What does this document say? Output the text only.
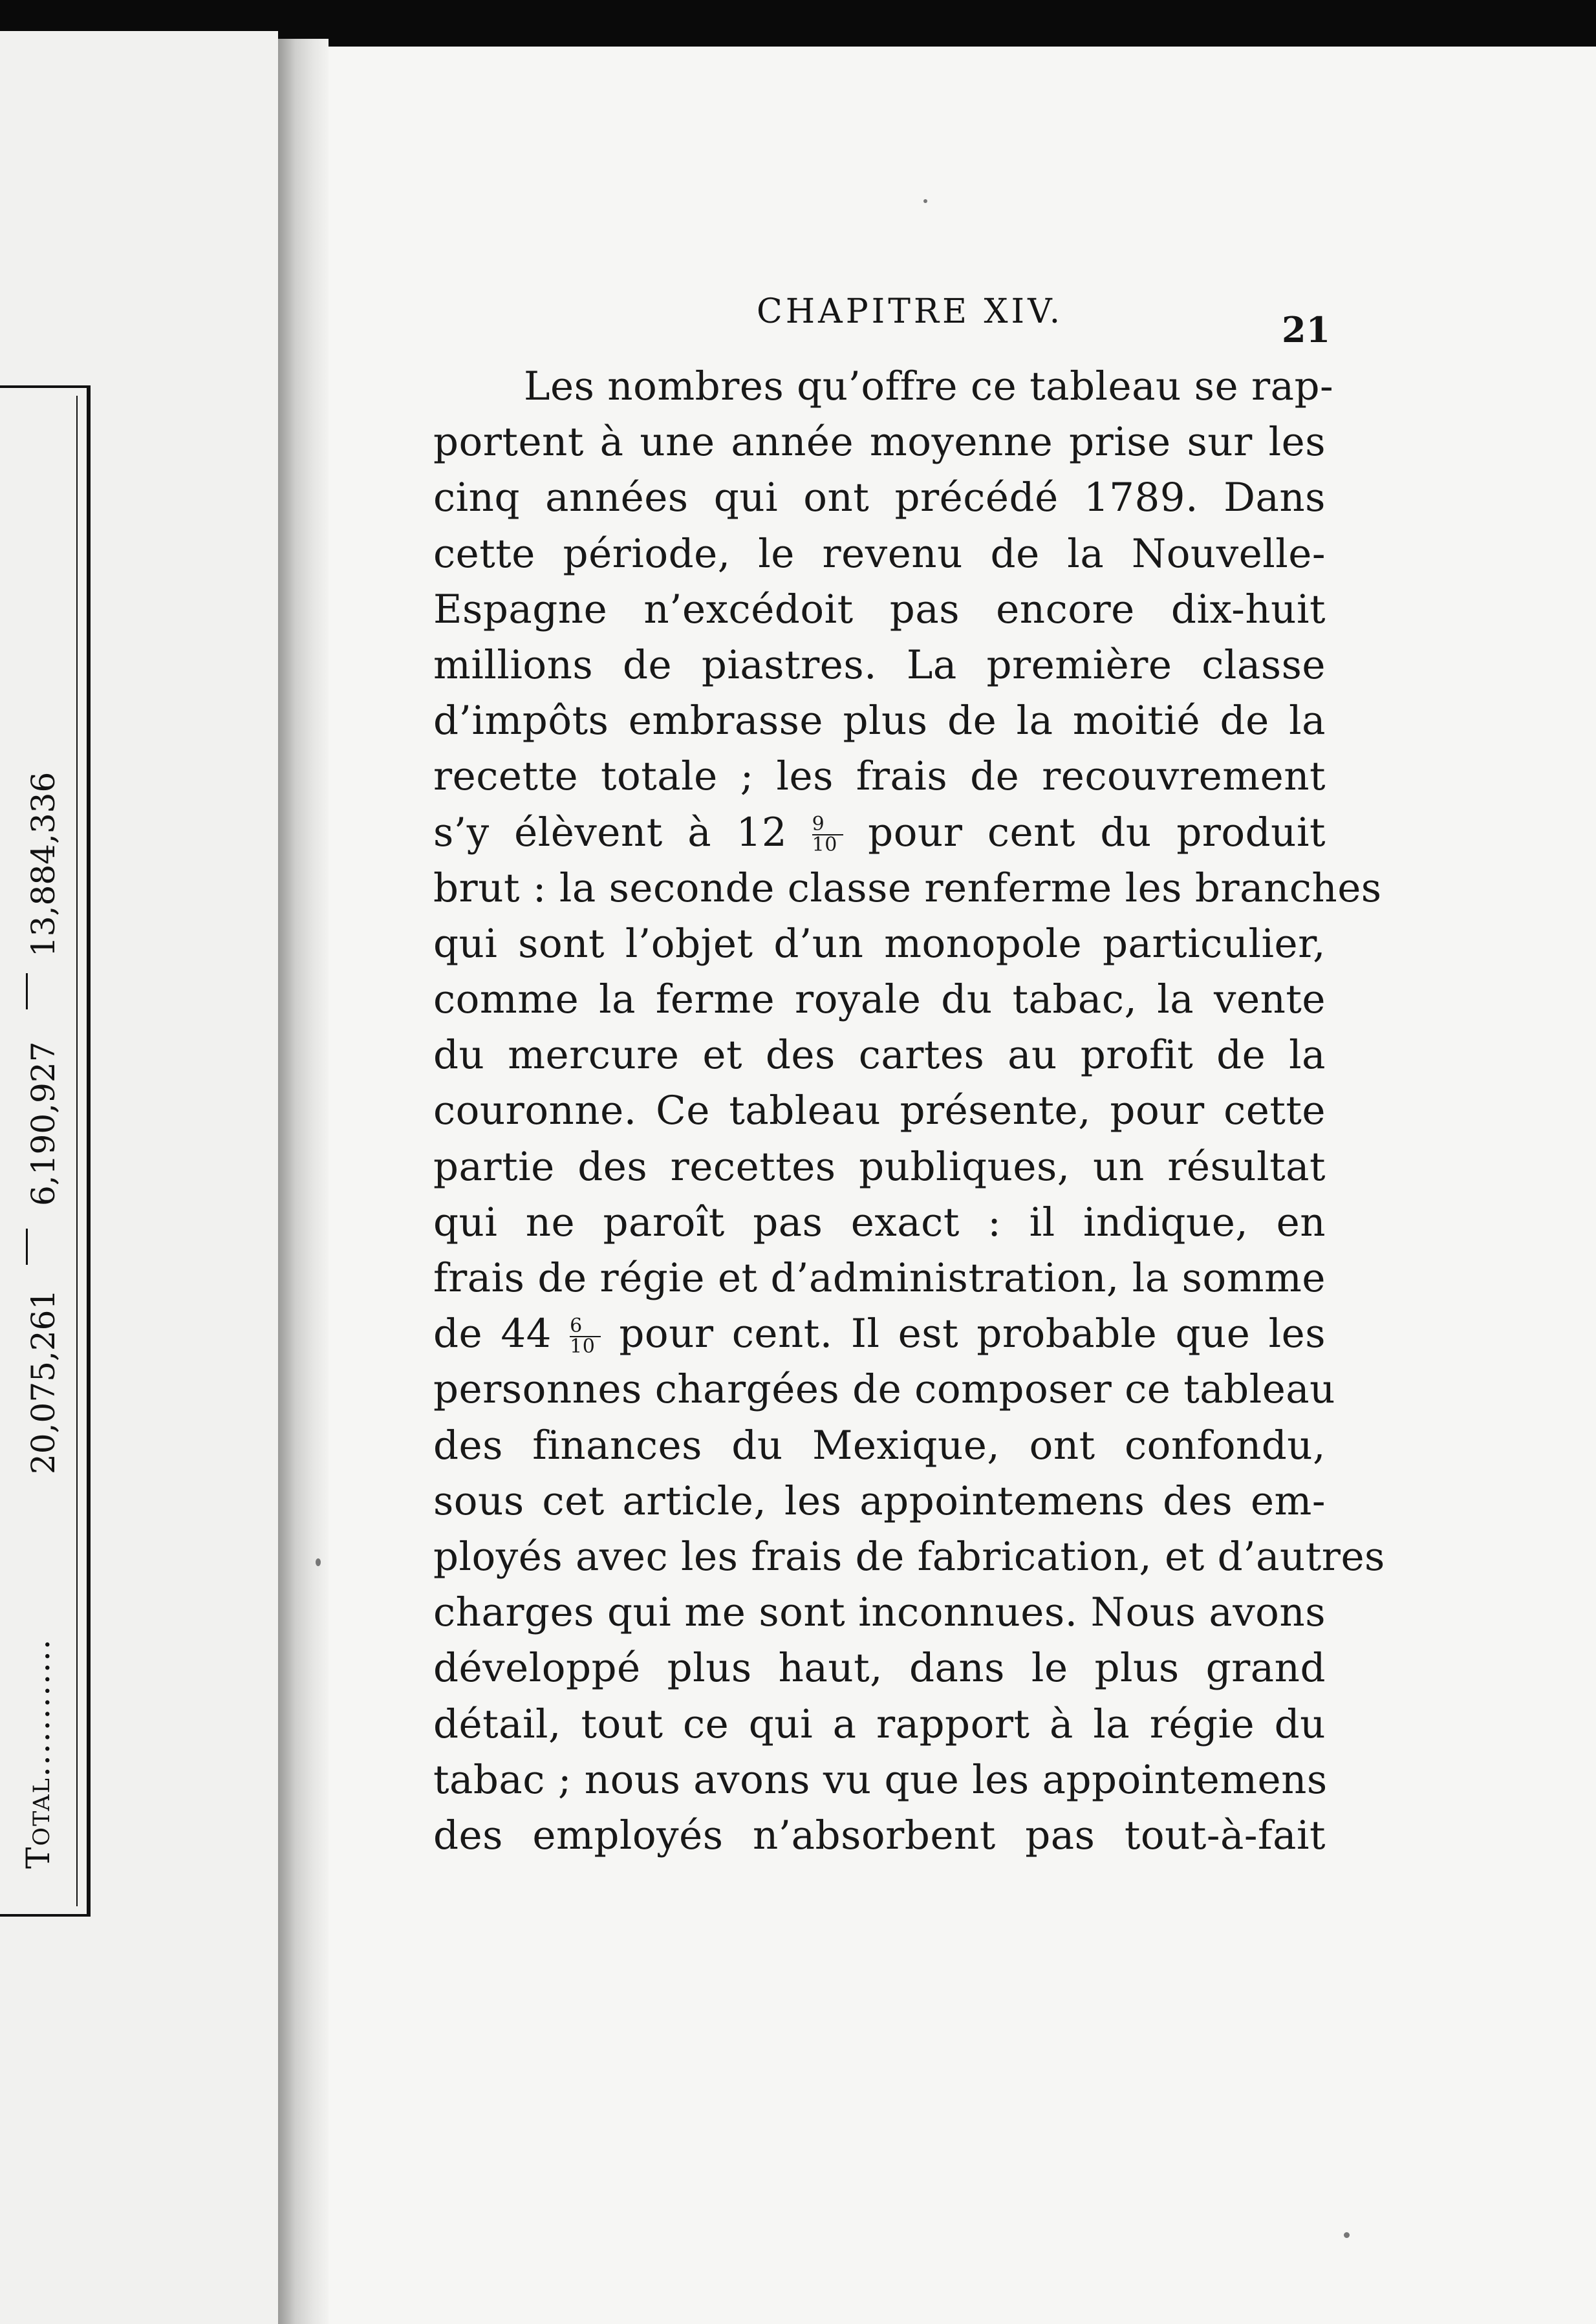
Total............
20,075,261
6,190,927
13,884,336
CHAPITRE XIV.	21
Les nombres qu’offre ce tableau se rap-
portent à une année moyenne prise sur les
cinq années qui ont précédé 1789. Dans
cette période, le revenu de la Nouvelle-
Espagne n’excédoit pas encore dix-huit
millions de piastres. La première classe
d’impôts embrasse plus de la moitié de la
recette totale ; les frais de recouvrement
s’y élèvent à $12 \frac{9}{10}$ pour cent du produit
brut : la seconde classe renferme les branches
qui sont l’objet d’un monopole particulier,
comme la ferme royale du tabac, la vente
du mercure et des cartes au profit de la
couronne. Ce tableau présente, pour cette
partie des recettes publiques, un résultat
qui ne paroît pas exact : il indique, en
frais de régie et d’administration, la somme
de $44 \frac{6}{10}$ pour cent. Il est probable que les
personnes chargées de composer ce tableau
des finances du Mexique, ont confondu,
sous cet article, les appointemens des em-
ployés avec les frais de fabrication, et d’autres
charges qui me sont inconnues. Nous avons
développé plus haut, dans le plus grand
détail, tout ce qui a rapport à la régie du
tabac ; nous avons vu que les appointemens
des employés n’absorbent pas tout-à-fait
